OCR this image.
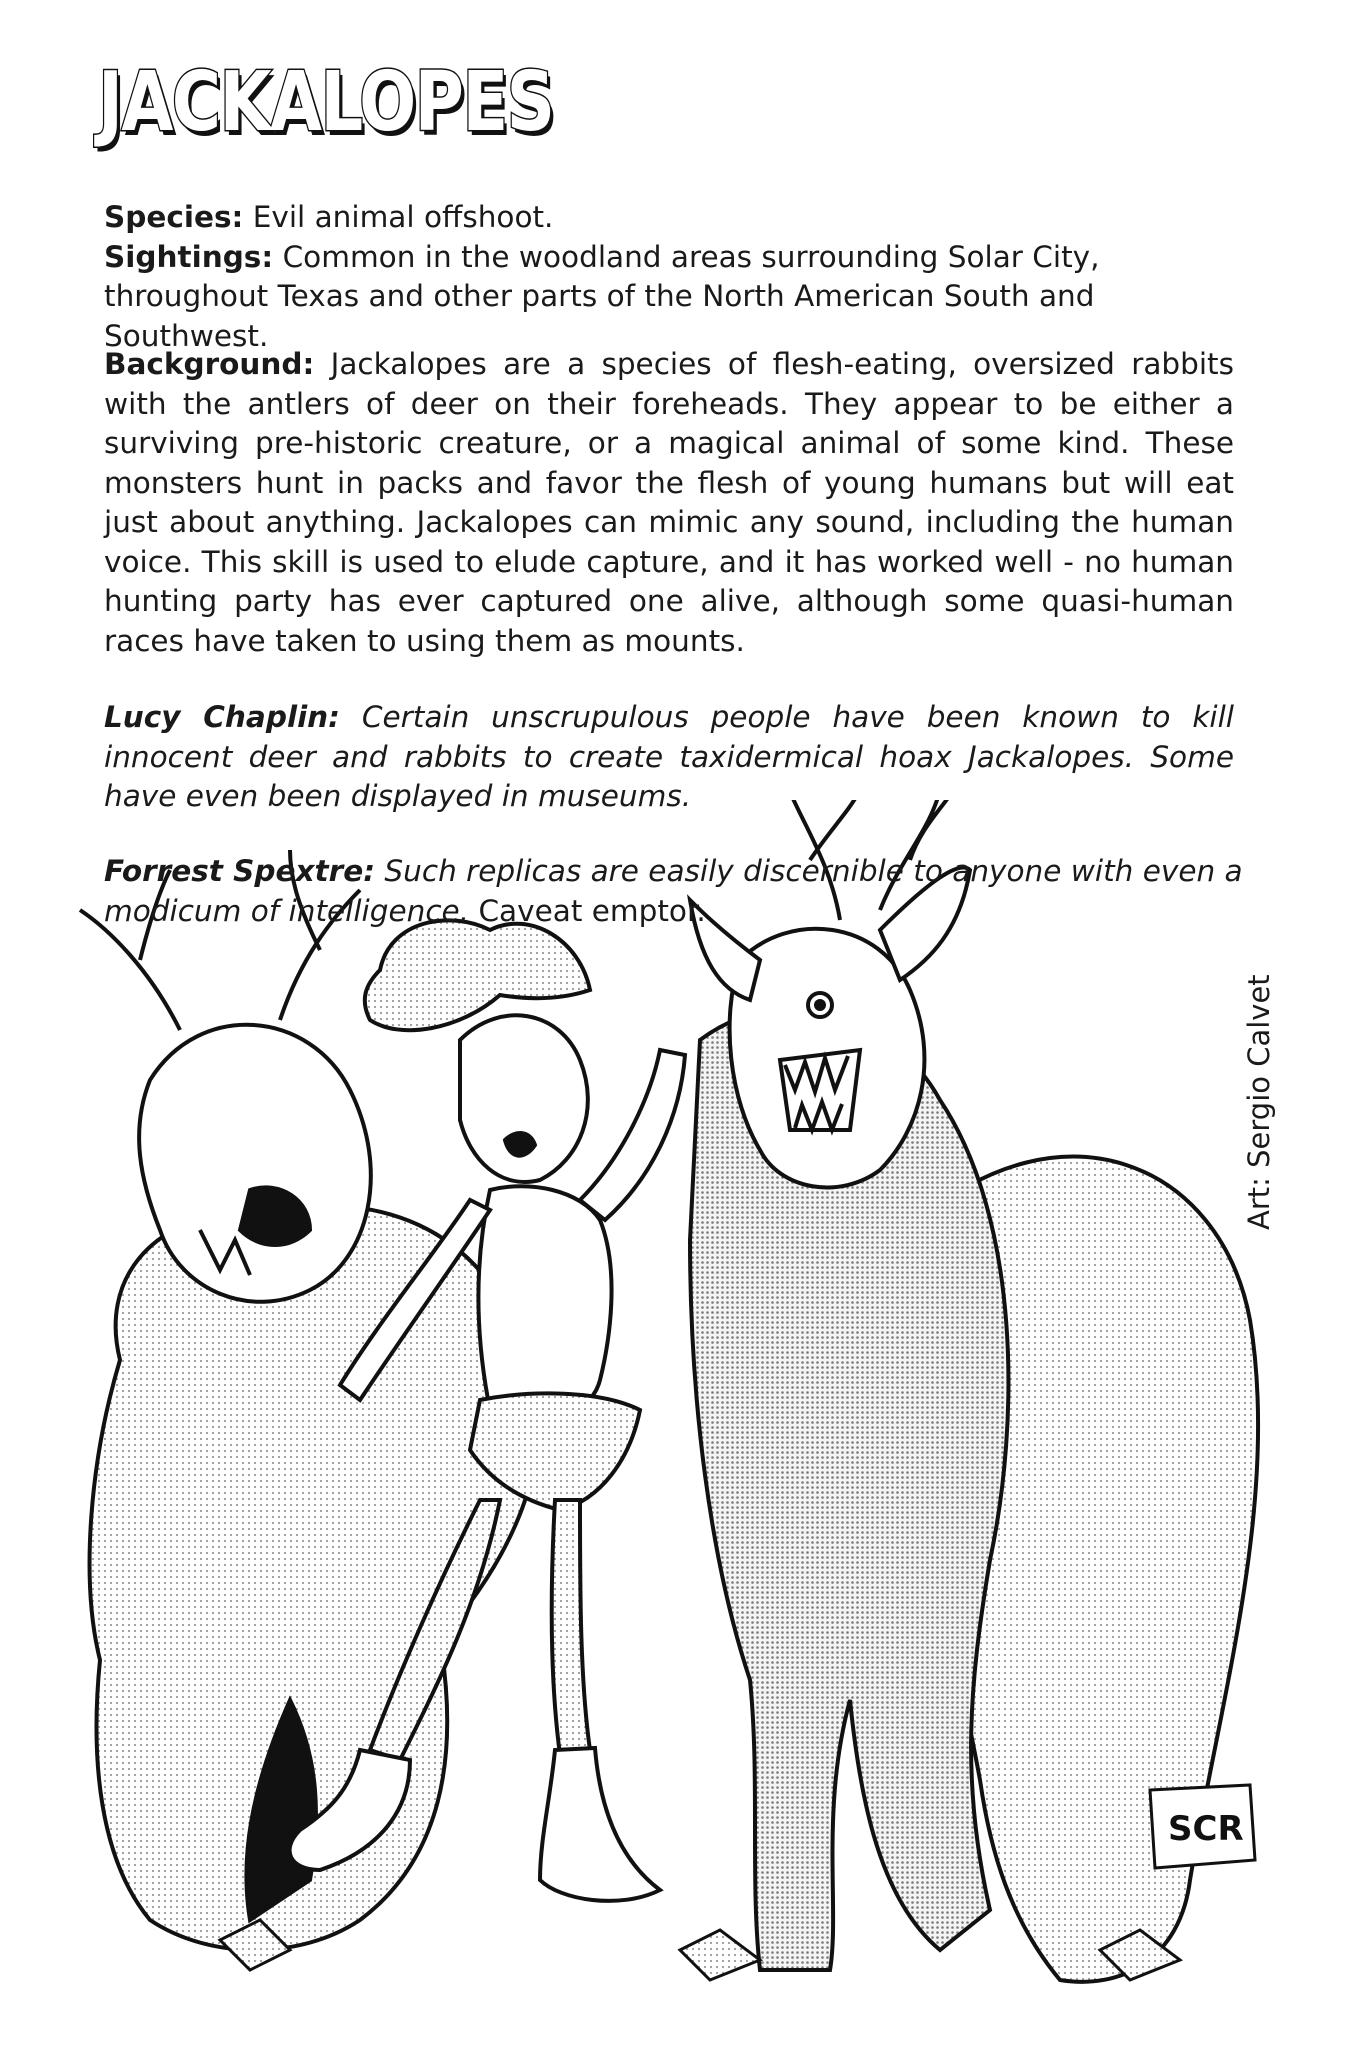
JACKALOPES

Species: Evil animal offshoot.

Sightings: Common in the woodland areas surrounding Solar City, throughout Texas and other parts of the North American South and Southwest.

Background: Jackalopes are a species of flesh-eating, oversized rabbits with the antlers of deer on their foreheads. They appear to be either a surviving pre-historic creature, or a magical animal of some kind. These monsters hunt in packs and favor the flesh of young humans but will eat just about anything. Jackalopes can mimic any sound, including the human voice. This skill is used to elude capture, and it has worked well - no human hunting party has ever captured one alive, although some quasi-human races have taken to using them as mounts.

Lucy Chaplin: Certain unscrupulous people have been known to kill innocent deer and rabbits to create taxidermical hoax Jackalopes. Some have even been displayed in museums.

SCR

Forrest Spextre: Such replicas are easily discernible to anyone with even a modicum of intelligence. Caveat emptor.

Art: Sergio Calvet
